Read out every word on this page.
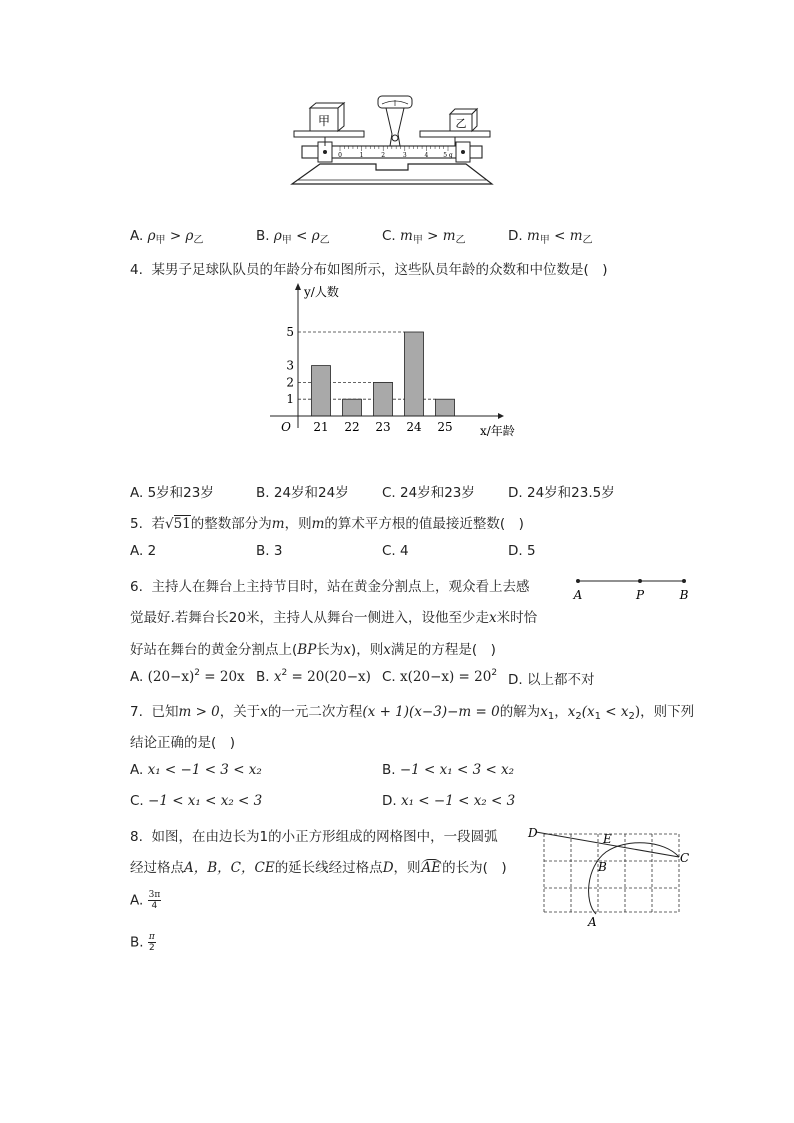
0	1	2	3	4 5 g
甲	乙
A. $\rho_甲 > \rho_乙$	B. $\rho_甲 < \rho_乙$	C. $m_甲 > m_乙$	D. $m_甲 < m_乙$
4. 某男子足球队队员的年龄分布如图所示，这些队员年龄的众数和中位数是(　)
21 22 23 24 25
1
2
3
5
O
y/人数
x/年龄
A. 5岁和23岁	B. 24岁和24岁 C. 24岁和23岁 D. 24岁和23.5岁
5. 若√51的整数部分为m，则m的算术平方根的值最接近整数(　)
A. 2	B. 3	C. 4	D. 5
6. 主持人在舞台上主持节目时，站在黄金分割点上，观众看上去感
觉最好.若舞台长20米，主持人从舞台一侧进入，设他至少走x米时恰
好站在舞台的黄金分割点上(BP长为x)，则x满足的方程是(　)
A	P	B
A. $(20-x)^2 = 20x$ B. $x^2 = 20(20-x)$ C. $x(20-x) = 20^2$ D. 以上都不对
7. 已知m > 0，关于x的一元二次方程(x + 1)(x−3)−m = 0的解为$x_1$，$x_2(x_1 < x_2)$，则下列
结论正确的是(　)
A. x₁ < −1 < 3 < x₂	B. −1 < x₁ < 3 < x₂
C. −1 < x₁ < x₂ < 3	D. x₁ < −1 < x₂ < 3
8. 如图，在由边长为1的小正方形组成的网格图中，一段圆弧
经过格点A，B，C，CE的延长线经过格点D，则AE的长为(　)
A. $\frac{3\pi}{4}$
B. $\frac{\pi}{2}$
D	E
C
B
A
